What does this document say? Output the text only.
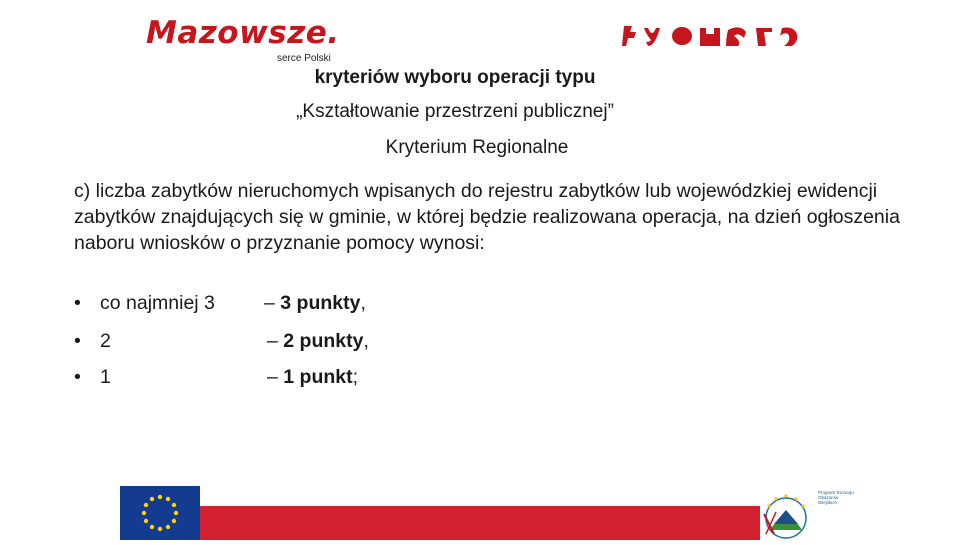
Mazowsze.
serce Polski
kryteriów wyboru operacji typu
„Kształtowanie przestrzeni publicznej”
Kryterium Regionalne

c) liczba zabytków nieruchomych wpisanych do rejestru zabytków lub wojewódzkiej ewidencji zabytków znajdujących się w gminie, w której będzie realizowana operacja, na dzień ogłoszenia naboru wniosków o przyznanie pomocy wynosi:

• co najmniej 3	– 3 punkty,
• 2	– 2 punkty,
• 1	– 1 punkt;
Program Rozwoju Obszarów Wiejskich
